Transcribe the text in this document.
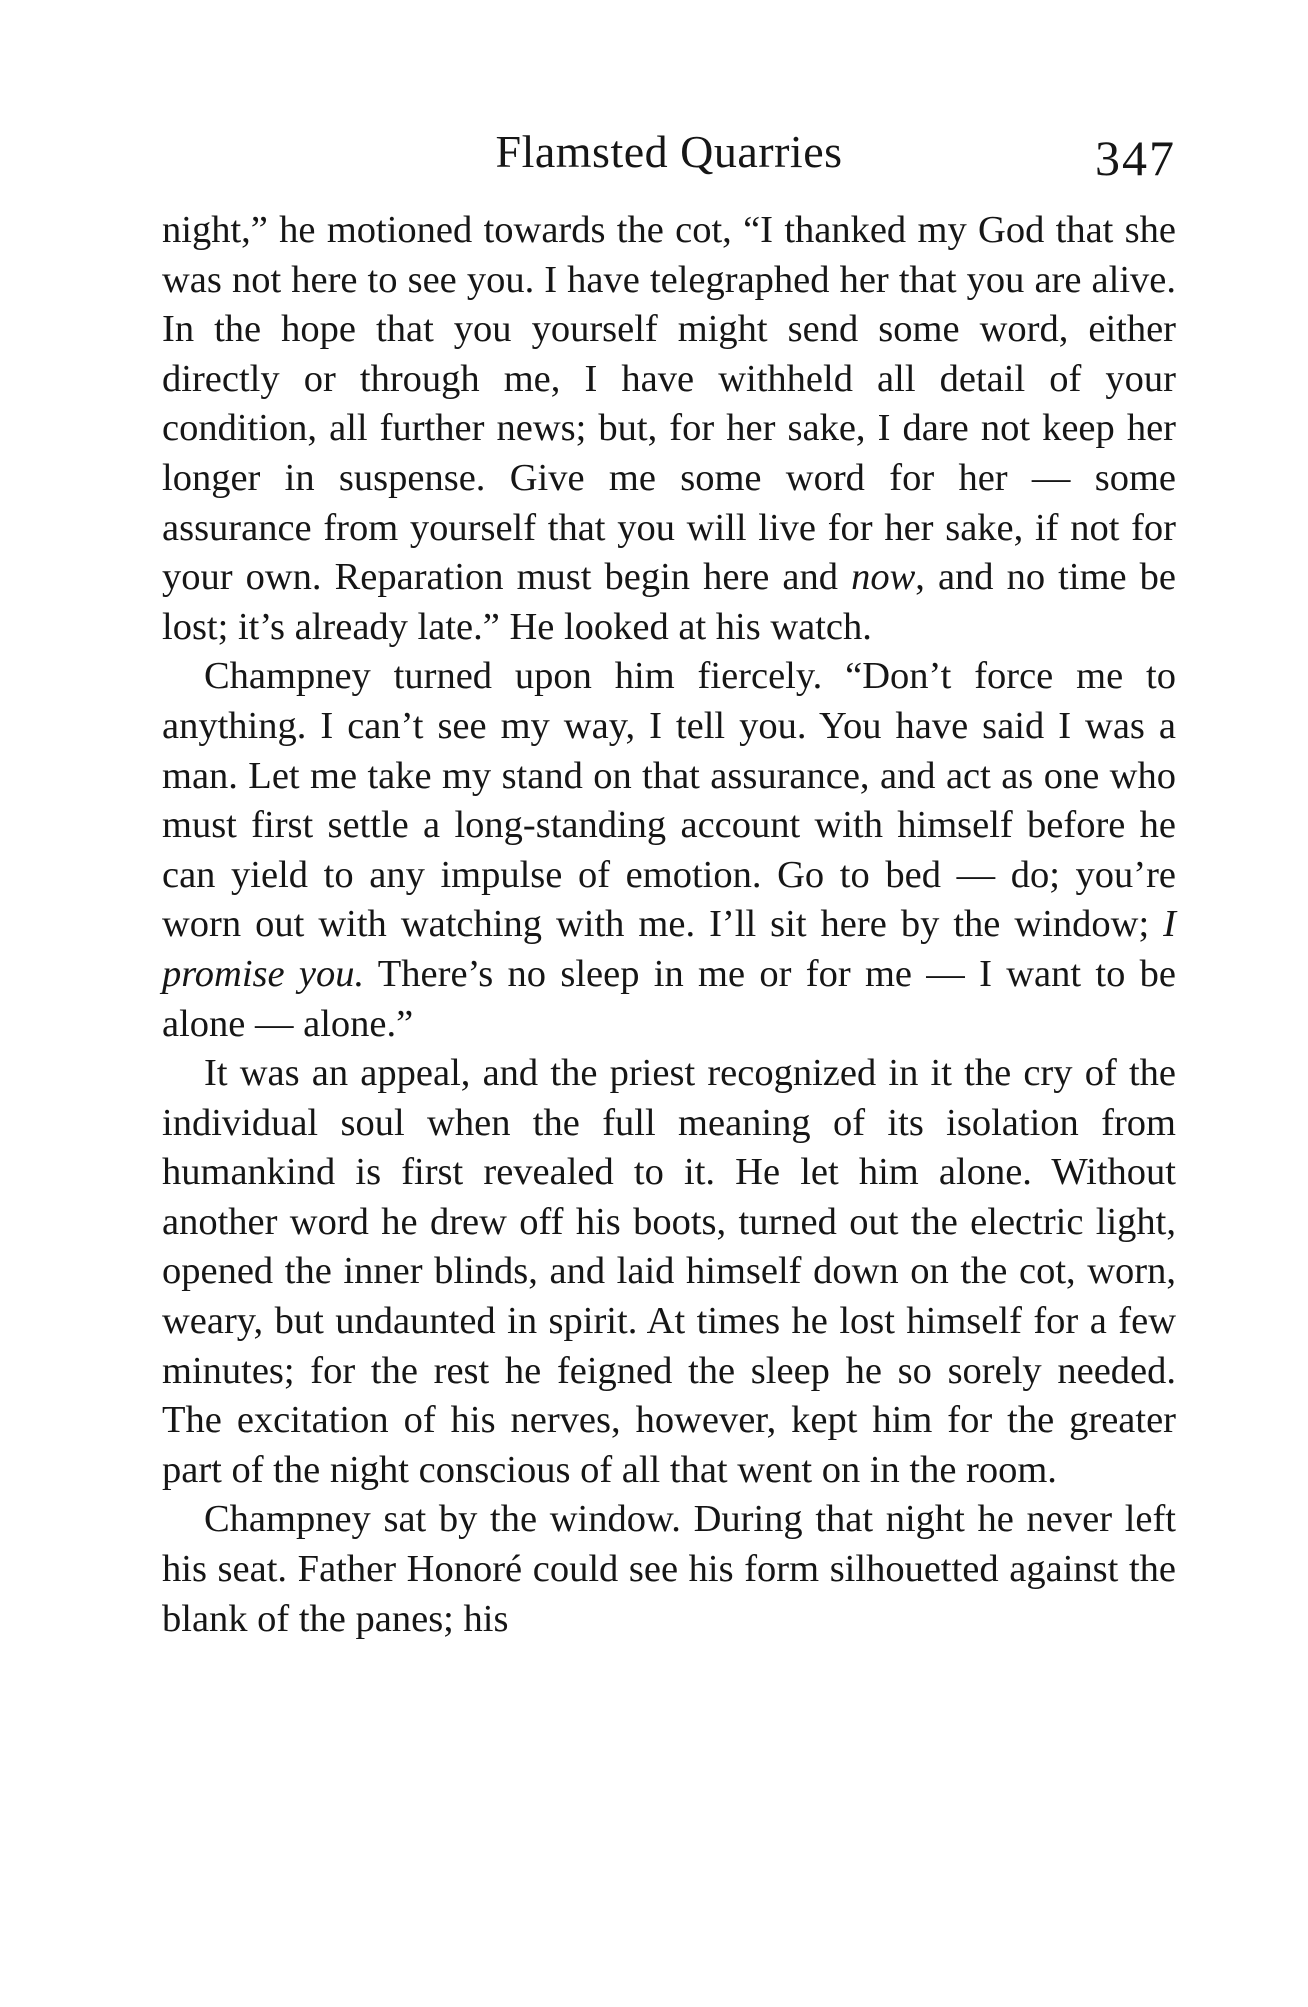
Flamsted Quarries	347

night,” he motioned towards the cot, “I thanked my God that she was not here to see you. I have telegraphed her that you are alive. In the hope that you yourself might send some word, either directly or through me, I have withheld all detail of your condition, all further news; but, for her sake, I dare not keep her longer in suspense. Give me some word for her — some assurance from yourself that you will live for her sake, if not for your own. Reparation must begin here and now, and no time be lost; it’s already late.” He looked at his watch.

Champney turned upon him fiercely. “Don’t force me to anything. I can’t see my way, I tell you. You have said I was a man. Let me take my stand on that assurance, and act as one who must first settle a long-standing account with himself before he can yield to any impulse of emotion. Go to bed — do; you’re worn out with watching with me. I’ll sit here by the window; I promise you. There’s no sleep in me or for me — I want to be alone — alone.”

It was an appeal, and the priest recognized in it the cry of the individual soul when the full meaning of its isolation from humankind is first revealed to it. He let him alone. Without another word he drew off his boots, turned out the electric light, opened the inner blinds, and laid himself down on the cot, worn, weary, but undaunted in spirit. At times he lost himself for a few minutes; for the rest he feigned the sleep he so sorely needed. The excitation of his nerves, however, kept him for the greater part of the night conscious of all that went on in the room.

Champney sat by the window. During that night he never left his seat. Father Honoré could see his form silhouetted against the blank of the panes; his
